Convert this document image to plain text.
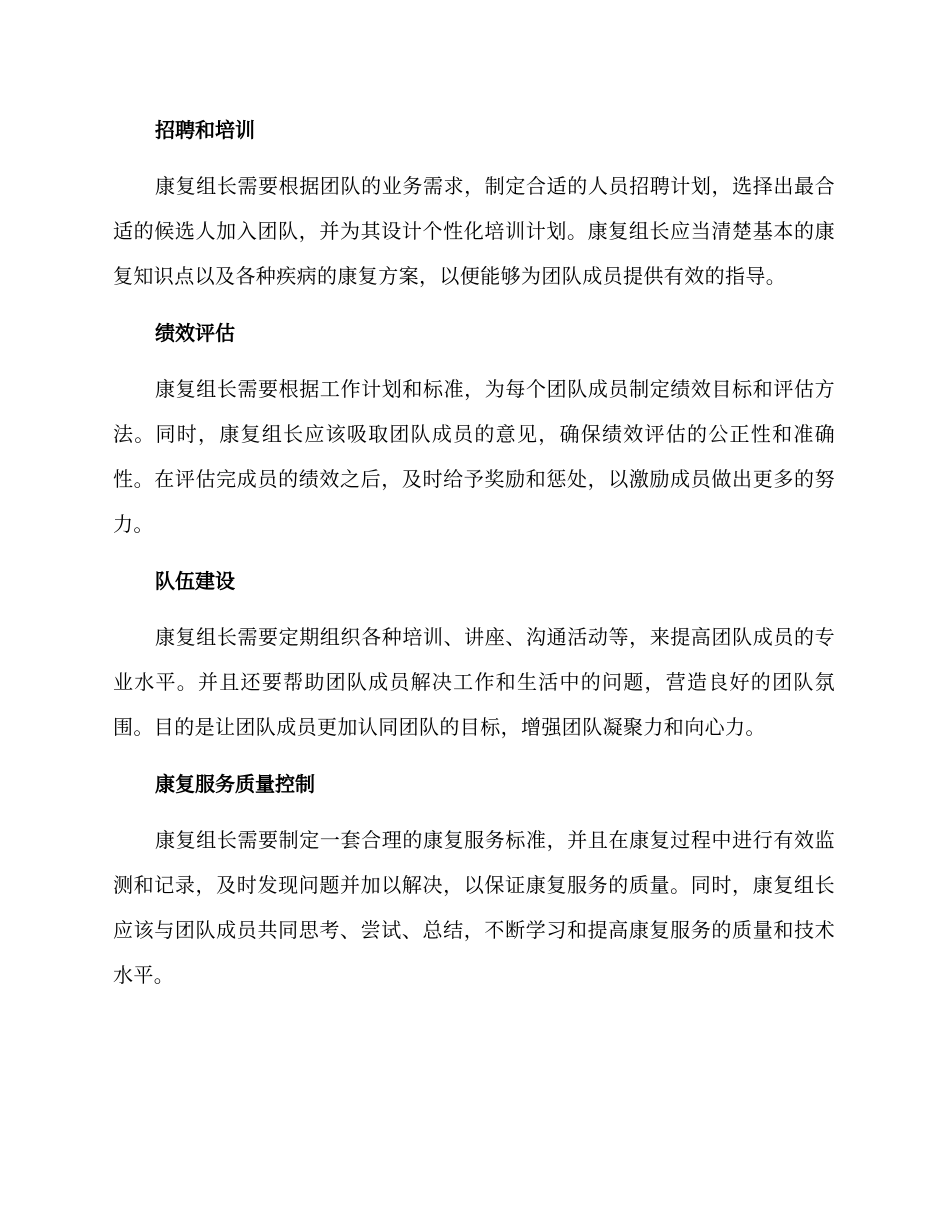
招聘和培训

康复组长需要根据团队的业务需求，制定合适的人员招聘计划，选择出最合适的候选人加入团队，并为其设计个性化培训计划。康复组长应当清楚基本的康复知识点以及各种疾病的康复方案，以便能够为团队成员提供有效的指导。

绩效评估

康复组长需要根据工作计划和标准，为每个团队成员制定绩效目标和评估方法。同时，康复组长应该吸取团队成员的意见，确保绩效评估的公正性和准确性。在评估完成员的绩效之后，及时给予奖励和惩处，以激励成员做出更多的努力。

队伍建设

康复组长需要定期组织各种培训、讲座、沟通活动等，来提高团队成员的专业水平。并且还要帮助团队成员解决工作和生活中的问题，营造良好的团队氛围。目的是让团队成员更加认同团队的目标，增强团队凝聚力和向心力。

康复服务质量控制

康复组长需要制定一套合理的康复服务标准，并且在康复过程中进行有效监测和记录，及时发现问题并加以解决，以保证康复服务的质量。同时，康复组长应该与团队成员共同思考、尝试、总结，不断学习和提高康复服务的质量和技术水平。
